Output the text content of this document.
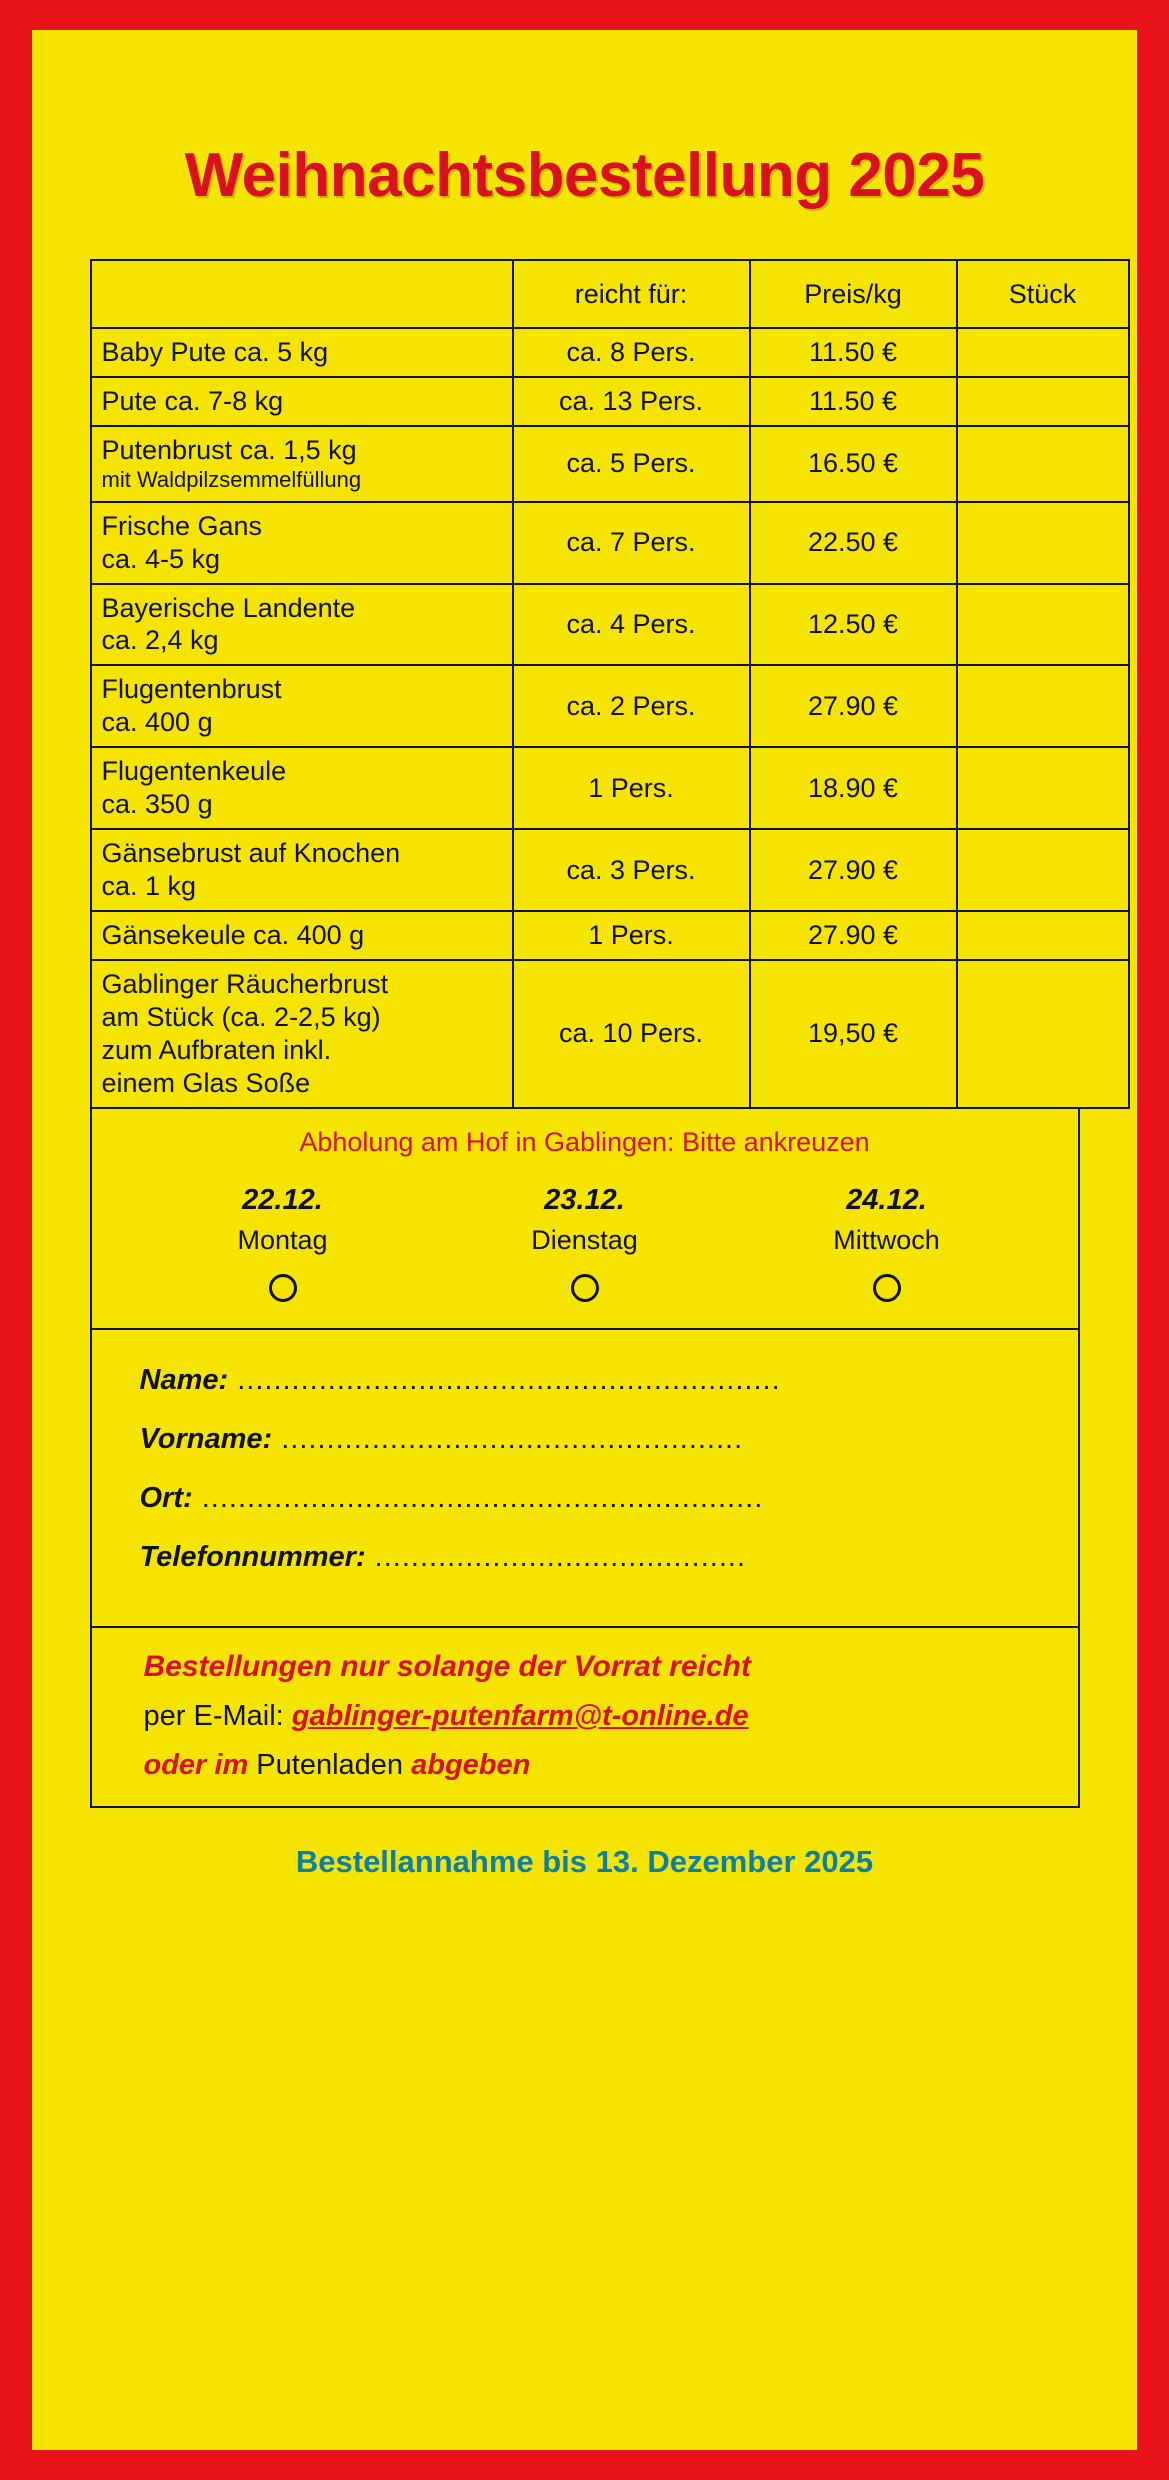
Weihnachtsbestellung 2025
	reicht für:	Preis/kg	Stück
Baby Pute ca. 5 kg	ca. 8 Pers.	11.50 €	
Pute ca. 7-8 kg	ca. 13 Pers.	11.50 €	
Putenbrust ca. 1,5 kg
mit Waldpilzsemmelfüllung	ca. 5 Pers.	16.50 €	
Frische Gans
ca. 4-5 kg	ca. 7 Pers.	22.50 €	
Bayerische Landente
ca. 2,4 kg	ca. 4 Pers.	12.50 €	
Flugentenbrust
ca. 400 g	ca. 2 Pers.	27.90 €	
Flugentenkeule
ca. 350 g	1 Pers.	18.90 €	
Gänsebrust auf Knochen
ca. 1 kg	ca. 3 Pers.	27.90 €	
Gänsekeule ca. 400 g	1 Pers.	27.90 €	
Gablinger Räucherbrust
am Stück (ca. 2-2,5 kg)
zum Aufbraten inkl.
einem Glas Soße	ca. 10 Pers.	19,50 €	
Abholung am Hof in Gablingen: Bitte ankreuzen
22.12.
Montag
23.12.
Dienstag
24.12.
Mittwoch
Name: ............................................................
Vorname: ...................................................
Ort: ..............................................................
Telefonnummer: .........................................
Bestellungen nur solange der Vorrat reicht
per E-Mail: gablinger-putenfarm@t-online.de
oder im Putenladen abgeben
Bestellannahme bis 13. Dezember 2025
